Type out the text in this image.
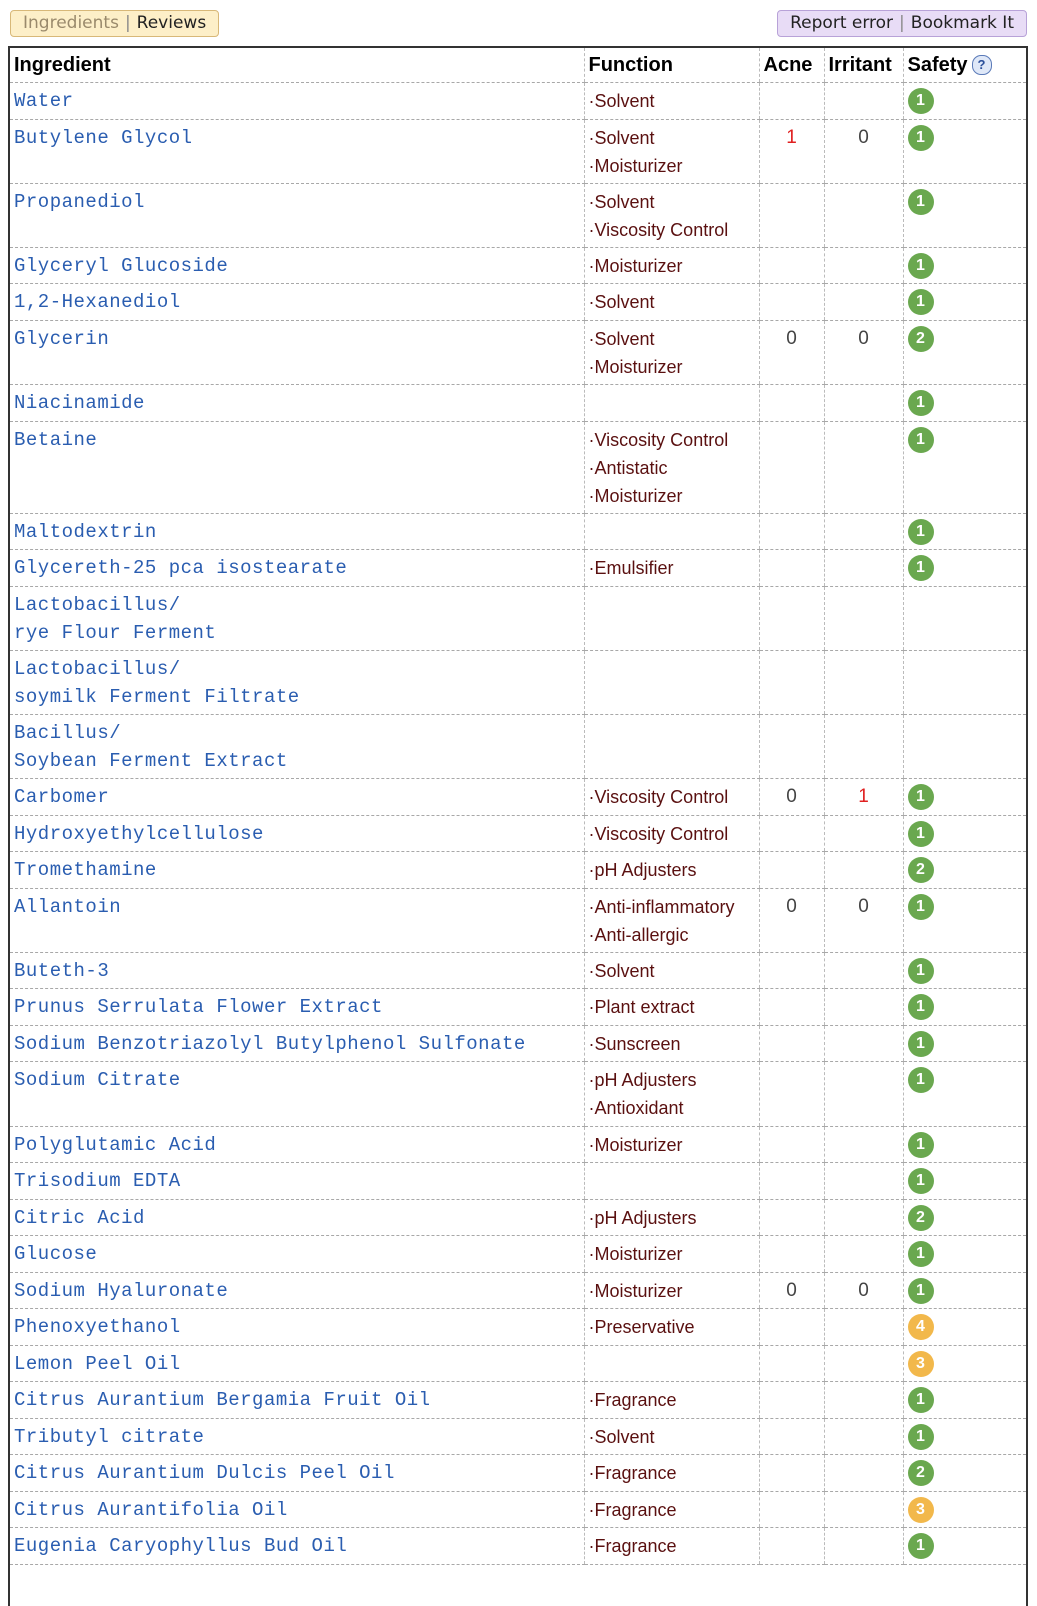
Ingredients | Reviews	Report error | Bookmark It
Ingredient	Function	Acne	Irritant	Safety ?

Water	·Solvent			1

Butylene Glycol	·Solvent
·Moisturizer	1	0	1

Propanediol	·Solvent
·Viscosity Control			1

Glyceryl Glucoside	·Moisturizer			1

1,2-Hexanediol	·Solvent			1

Glycerin	·Solvent
·Moisturizer	0	0	2

Niacinamide				1

Betaine	·Viscosity Control
·Antistatic
·Moisturizer			1

Maltodextrin				1

Glycereth-25 pca isostearate	·Emulsifier			1

Lactobacillus/
rye Flour Ferment				

Lactobacillus/
soymilk Ferment Filtrate				

Bacillus/
Soybean Ferment Extract				

Carbomer	·Viscosity Control	0	1	1

Hydroxyethylcellulose	·Viscosity Control			1

Tromethamine	·pH Adjusters			2

Allantoin	·Anti-inflammatory
·Anti-allergic	0	0	1

Buteth-3	·Solvent			1

Prunus Serrulata Flower Extract	·Plant extract			1

Sodium Benzotriazolyl Butylphenol Sulfonate	·Sunscreen			1

Sodium Citrate	·pH Adjusters
·Antioxidant			1

Polyglutamic Acid	·Moisturizer			1

Trisodium EDTA				1

Citric Acid	·pH Adjusters			2

Glucose	·Moisturizer			1

Sodium Hyaluronate	·Moisturizer	0	0	1

Phenoxyethanol	·Preservative			4

Lemon Peel Oil				3

Citrus Aurantium Bergamia Fruit Oil	·Fragrance			1

Tributyl citrate	·Solvent			1

Citrus Aurantium Dulcis Peel Oil	·Fragrance			2

Citrus Aurantifolia Oil	·Fragrance			3

Eugenia Caryophyllus Bud Oil	·Fragrance			1
